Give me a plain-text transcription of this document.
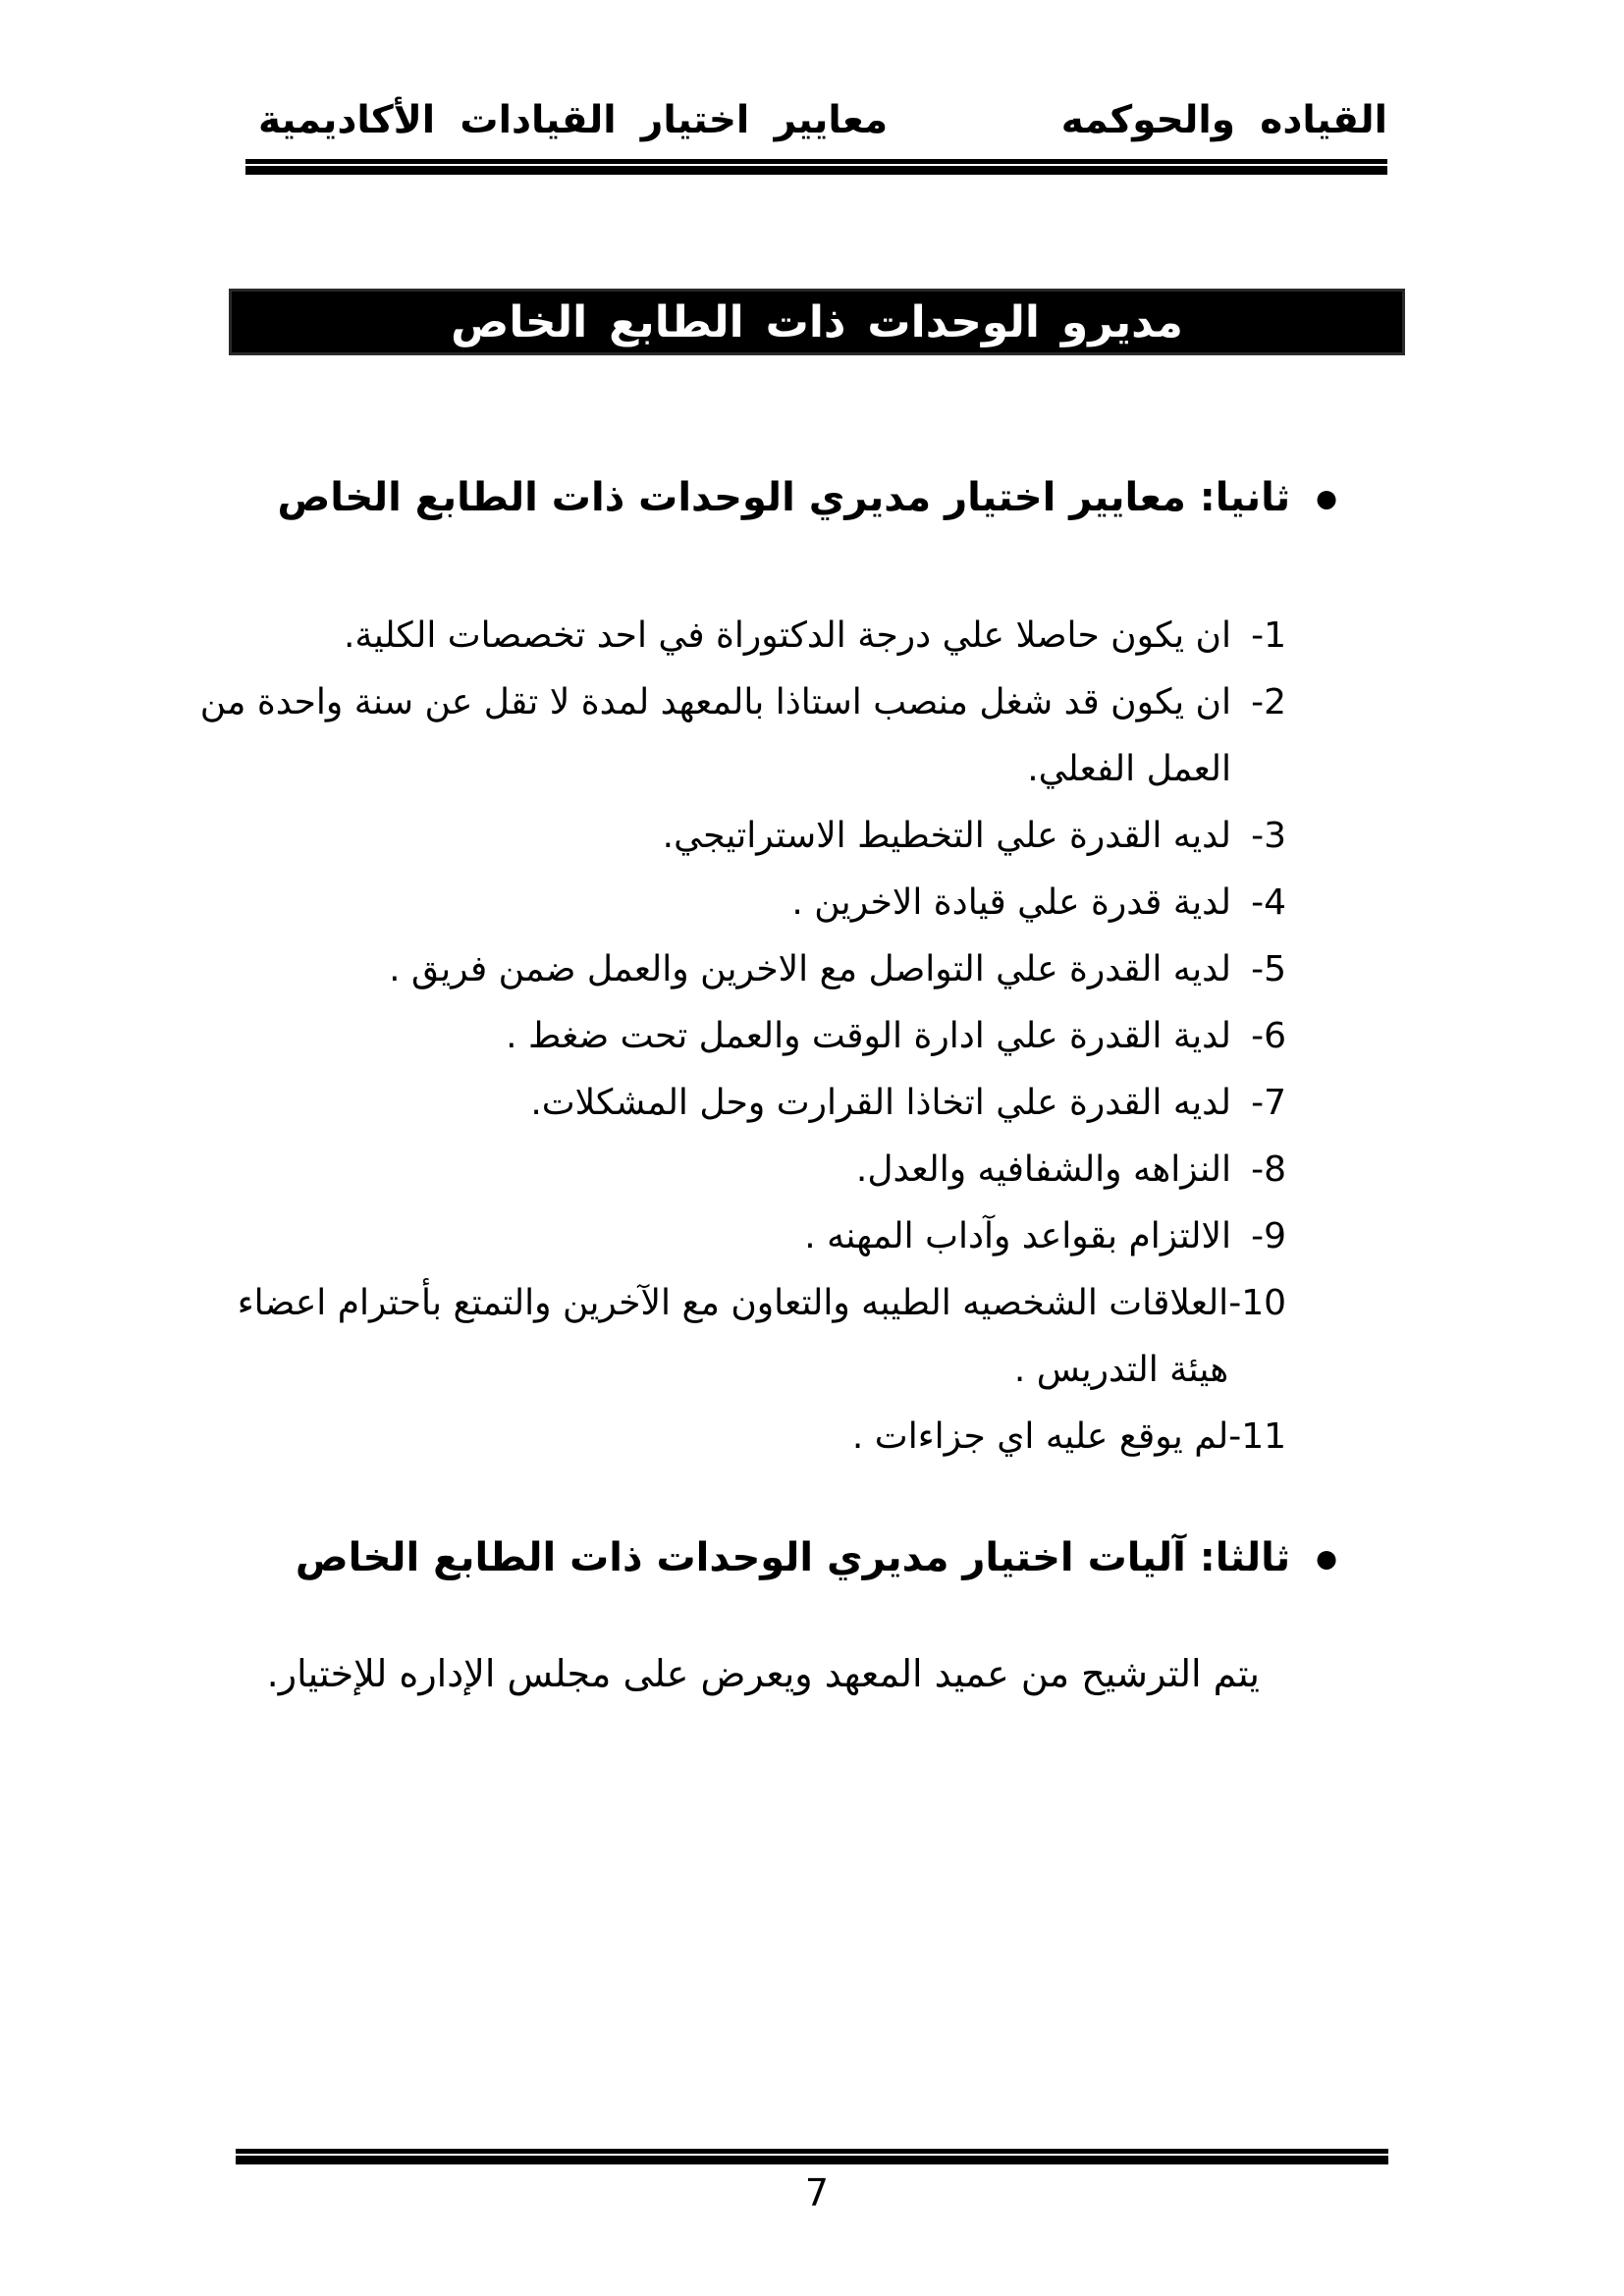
القياده والحوكمه
معايير اختيار القيادات الأكاديمية
مديرو الوحدات ذات الطابع الخاص
●
ثانيا: معايير اختيار مديري الوحدات ذات الطابع الخاص
1-
ان يكون حاصلا علي درجة الدكتوراة في احد تخصصات الكلية.
2-
ان يكون قد شغل منصب استاذا بالمعهد لمدة لا تقل عن سنة واحدة من العمل الفعلي.
3-
لديه القدرة علي التخطيط الاستراتيجي.
4-
لدية قدرة علي قيادة الاخرين .
5-
لديه القدرة علي التواصل مع الاخرين والعمل ضمن فريق .
6-
لدية القدرة علي ادارة الوقت والعمل تحت ضغط .
7-
لديه القدرة علي اتخاذا القرارت وحل المشكلات.
8-
النزاهه والشفافيه والعدل.
9-
الالتزام بقواعد وآداب المهنه .
10-
العلاقات الشخصيه الطيبه والتعاون مع الآخرين والتمتع بأحترام اعضاء هيئة التدريس .
11-
لم يوقع عليه اي جزاءات .
●
ثالثا: آليات اختيار مديري الوحدات ذات الطابع الخاص
يتم الترشيح من عميد المعهد ويعرض على مجلس الإداره للإختيار.
7
